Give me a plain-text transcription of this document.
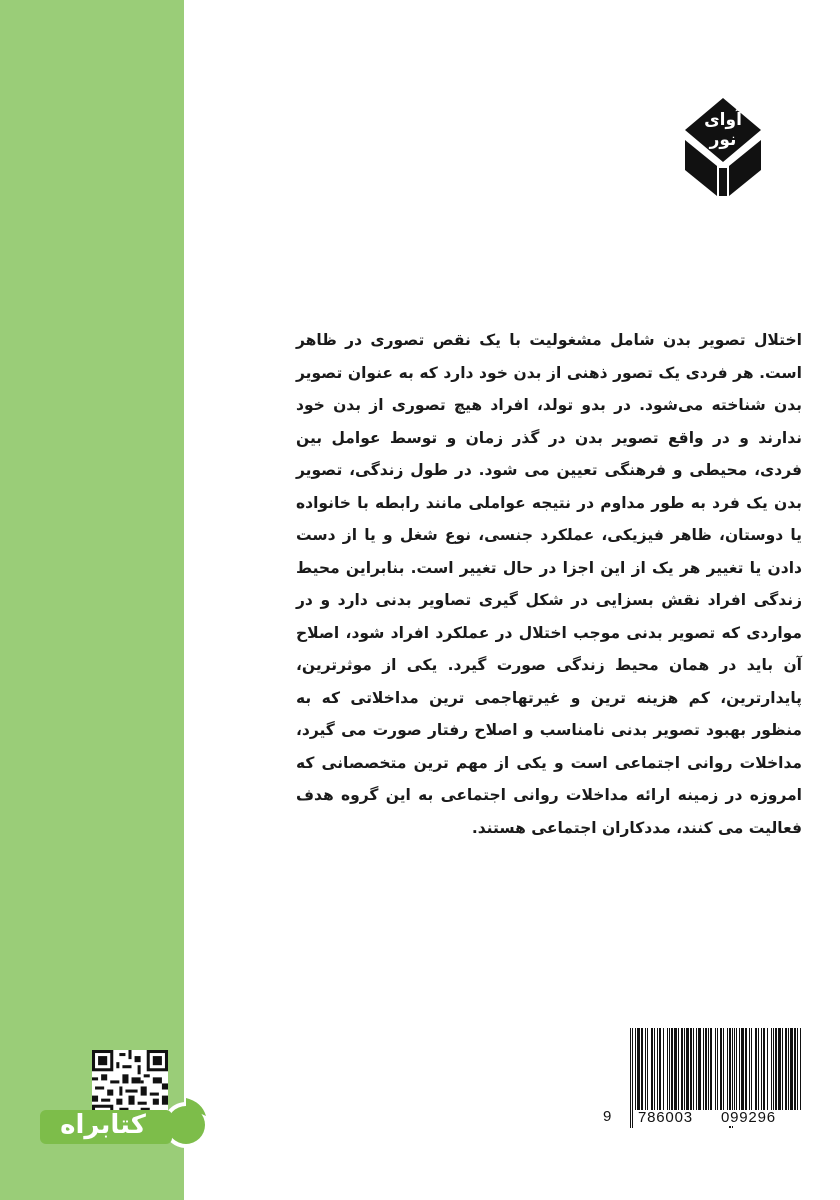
آوای
نور

اختلال تصویر بدن شامل مشغولیت با یک نقص تصوری در ظاهر است. هر فردی یک تصور ذهنی از بدن خود دارد که به عنوان تصویر بدن شناخته می‌شود. در بدو تولد، افراد هیچ تصوری از بدن خود ندارند و در واقع تصویر بدن در گذر زمان و توسط عوامل بین فردی، محیطی و فرهنگی تعیین می شود. در طول زندگی، تصویر بدن یک فرد به طور مداوم در نتیجه عواملی مانند رابطه با خانواده یا دوستان، ظاهر فیزیکی، عملکرد جنسی، نوع شغل و یا از دست دادن یا تغییر هر یک از این اجزا در حال تغییر است. بنابراین محیط زندگی افراد نقش بسزایی در شکل گیری تصاویر بدنی دارد و در مواردی که تصویر بدنی موجب اختلال در عملکرد افراد شود، اصلاح آن باید در همان محیط زندگی صورت گیرد. یکی از موثرترین، پایدارترین، کم هزینه ترین و غیرتهاجمی ترین مداخلاتی که به منظور بهبود تصویر بدنی نامناسب و اصلاح رفتار صورت می گیرد، مداخلات روانی اجتماعی است و یکی از مهم ترین متخصصانی که امروزه در زمینه ارائه مداخلات روانی اجتماعی به این گروه هدف فعالیت می کنند، مددکاران اجتماعی هستند.

کتابراه	9 786003 099296
